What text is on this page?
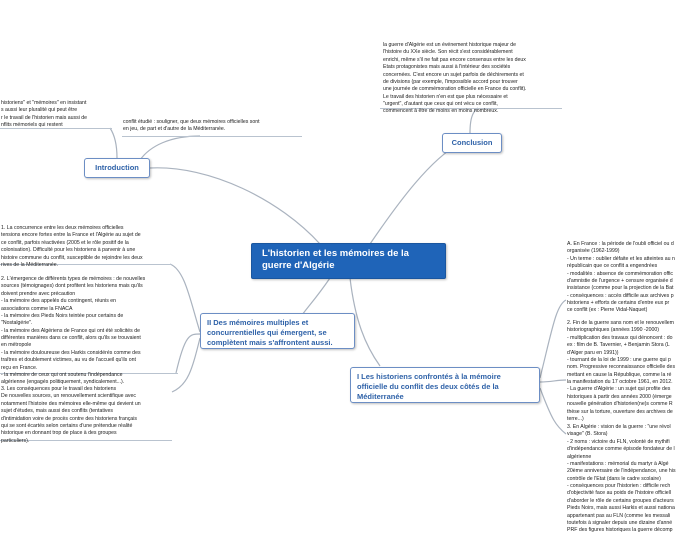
historiens" et "mémoires" en insistant
s aussi leur pluralité qui peut être
r le travail de l'historien mais aussi de
nflits mémoriels qui restent
conflit étudié : souligner, que deux mémoires officielles sont
en jeu, de part et d'autre de la Méditerranée.
la guerre d'Algérie est un événement historique majeur de
l'histoire du XXe siècle. Son récit s'est considérablement
enrichi, même s'il ne fait pas encore consensus entre les deux
Etats protagonistes mais aussi à l'intérieur des sociétés
concernées. C'est encore un sujet parfois de déchirements et
de divisions (par exemple, l'impossible accord pour trouver
une journée de commémoration officielle en France du conflit).
Le travail des historien n'en est que plus nécessaire et
"urgent", d'autant que ceux qui ont vécu ce conflit,
commencent à être de moins en moins nombreux.
1. La concurrence entre les deux mémoires officielles
tensions encore fortes entre la France et l'Algérie au sujet de
ce conflit, parfois réactivées (2005 et le rôle positif de la
colonisation). Difficulté pour les historiens à parvenir à une
histoire commune du conflit, susceptible de rejoindre les deux
rives de la Méditerranée.
2. L'émergence de différents types de mémoires : de nouvelles
sources (témoignages) dont profitent les historiens mais qu'ils
doivent prendre avec précaution
- la mémoire des appelés du contingent, réunis en
associations comme la FNACA
- la mémoire des Pieds Noirs teintée pour certains de
"Nostalgérie".
- la mémoire des Algériens de France qui ont été solicités de
différentes manières dans ce conflit, alors qu'ils se trouvaient
en métropole
- la mémoire douloureuse des Harkis considérés comme des
traîtres et doublement victimes, au vu de l'accueil qu'ils ont
reçu en France.
- la mémoire de ceux qui ont soutenu l'indépendance
algérienne (engagés politiquement, syndicalement...).
3. Les conséquences pour le travail des historiens
De nouvelles sources, un renouvellement scientifique avec
notamment l'histoire des mémoires elle-même qui devient un
sujet d'études, mais aussi des conflits (tentatives
d'intimidation voire de procès contre des historiens français
qui se sont écartés selon certains d'une prétendue réalité
historique en donnant trop de place à des groupes
particuliers).
A. En France : la période de l'oubli officiel ou d
organisée (1962-1999)
- Un terme : oublier défaite et les atteintes au n
républicain que ce conflit a engendrées
- modalités : absence de commémoration offic
d'amnistie de l'urgence + censure organisée d
insistance (comme pour la projection de la Bat
- conséquences : accès difficile aux archives p
historiens + efforts de certains d'entre eux pr
ce conflit (ex : Pierre Vidal-Naquet)
2. Fin de la guerre sans nom et le renouvellem
historiographiques (années 1990 -2000)
- multiplication des travaux qui dénoncent : do
ex : film de B. Tavernier, + Benjamin Stora (L
d'Alger paru en 1991))
- tournant de la loi de 1999 : une guerre qui p
nom. Progressive reconnaissance officielle des
mettant en cause la République, comme la ré
la manifestation du 17 octobre 1961, en 2012.
- La guerre d'Algérie : un sujet qui profite des
historiques à partir des années 2000 (émerge
nouvelle génération d'historien(ne)s comme R
thèse sur la torture, ouverture des archives de
terre...)
3. En Algérie : vision de la guerre : "une révol
visage" (B. Stora)
- 2 noms : victoire du FLN, volonté de mythifi
d'indépendance comme épisode fondateur de l
algérienne
- manifestations : mémorial du martyr à Algé
20ème anniversaire de l'indépendance, une his
contrôle de l'Etat (dans le cadre scolaire)
- conséquences pour l'historien : difficile rech
d'objectivité face au poids de l'histoire officiell
d'aborder le rôle de certains groupes d'acteurs
Pieds Noirs, mais aussi Harkis et aussi nationa
appartenant pas au FLN (comme les messali
toutefois à signaler depuis une dizaine d'anné
PRF des figures historiques la guerre décomp
L'historien et les mémoires de la guerre d'Algérie
Introduction
Conclusion
I Les historiens confrontés à la mémoire officielle du conflit des deux côtés de la Méditerranée
II Des mémoires multiples et concurrentielles qui émergent, se complètent mais s'affrontent aussi.
